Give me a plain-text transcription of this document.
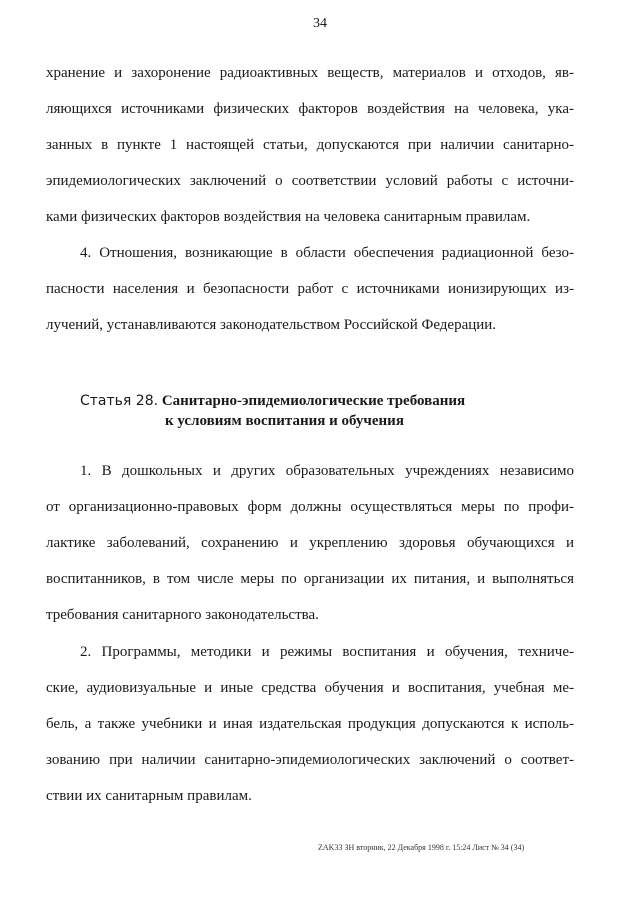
34
хранение и захоронение радиоактивных веществ, материалов и отходов, яв-
ляющихся источниками физических факторов воздействия на человека, ука-
занных в пункте 1 настоящей статьи, допускаются при наличии санитарно-
эпидемиологических заключений о соответствии условий работы с источни-
ками физических факторов воздействия на человека санитарным правилам.
4. Отношения, возникающие в области обеспечения радиационной безо-
пасности населения и безопасности работ с источниками ионизирующих из-
лучений, устанавливаются законодательством Российской Федерации.
Статья 28. Санитарно-эпидемиологические требования
к условиям воспитания и обучения
1. В дошкольных и других образовательных учреждениях независимо
от организационно-правовых форм должны осуществляться меры по профи-
лактике заболеваний, сохранению и укреплению здоровья обучающихся и
воспитанников, в том числе меры по организации их питания, и выполняться
требования санитарного законодательства.
2. Программы, методики и режимы воспитания и обучения, техниче-
ские, аудиовизуальные и иные средства обучения и воспитания, учебная ме-
бель, а также учебники и иная издательская продукция допускаются к исполь-
зованию при наличии санитарно-эпидемиологических заключений о соответ-
ствии их санитарным правилам.
ZAK33 ЗН вторник, 22 Декабря 1998 г. 15:24 Лист № 34 (34)
